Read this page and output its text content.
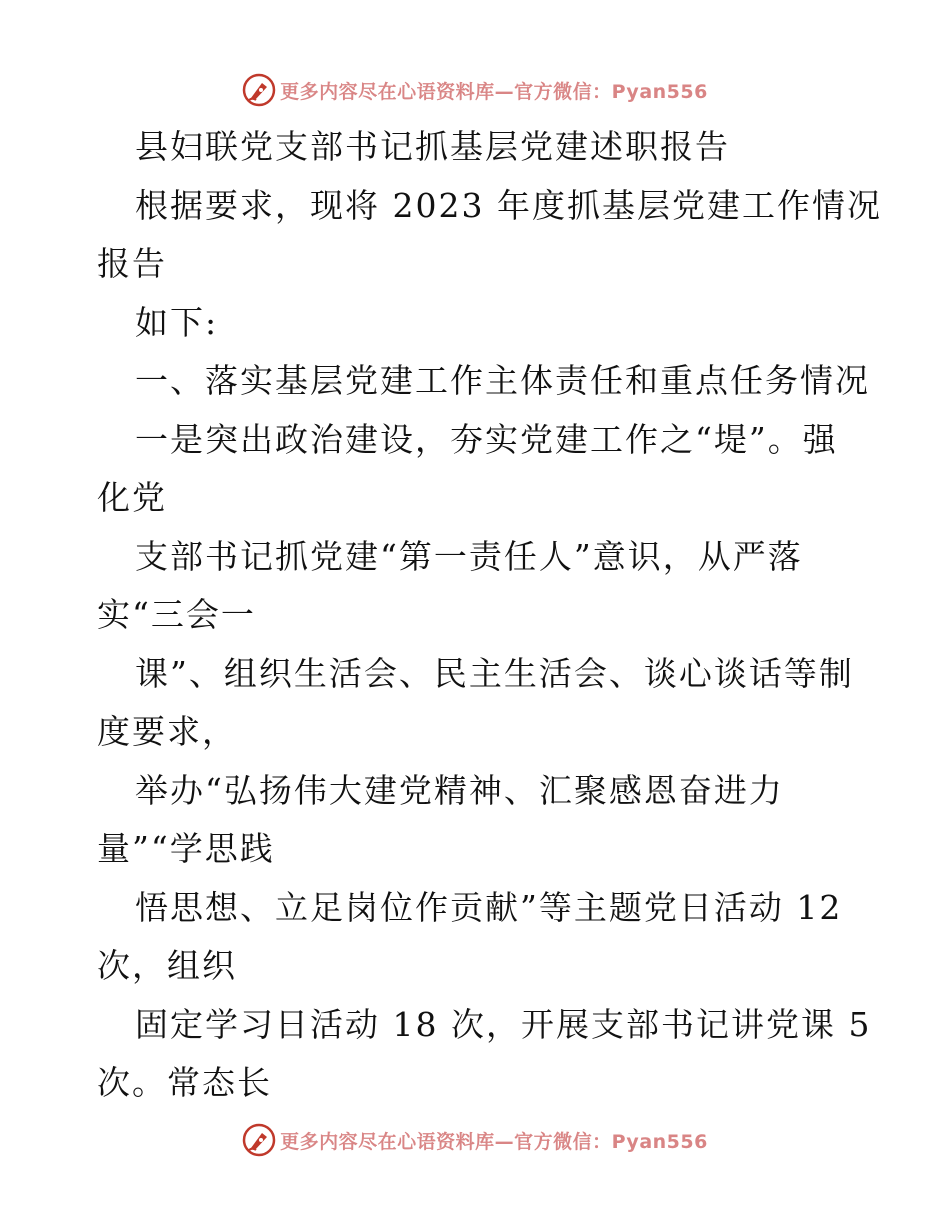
更多内容尽在心语资料库—官方微信：Pyan556
县妇联党支部书记抓基层党建述职报告
根据要求，现将 2023 年度抓基层党建工作情况
报告
如下:
一、落实基层党建工作主体责任和重点任务情况
一是突出政治建设，夯实党建工作之“堤”。强
化党
支部书记抓党建“第一责任人”意识，从严落
实“三会一
课”、组织生活会、民主生活会、谈心谈话等制
度要求，
举办“弘扬伟大建党精神、汇聚感恩奋进力
量”“学思践
悟思想、立足岗位作贡献”等主题党日活动 12
次，组织
固定学习日活动 18 次，开展支部书记讲党课 5
次。常态长
更多内容尽在心语资料库—官方微信：Pyan556
